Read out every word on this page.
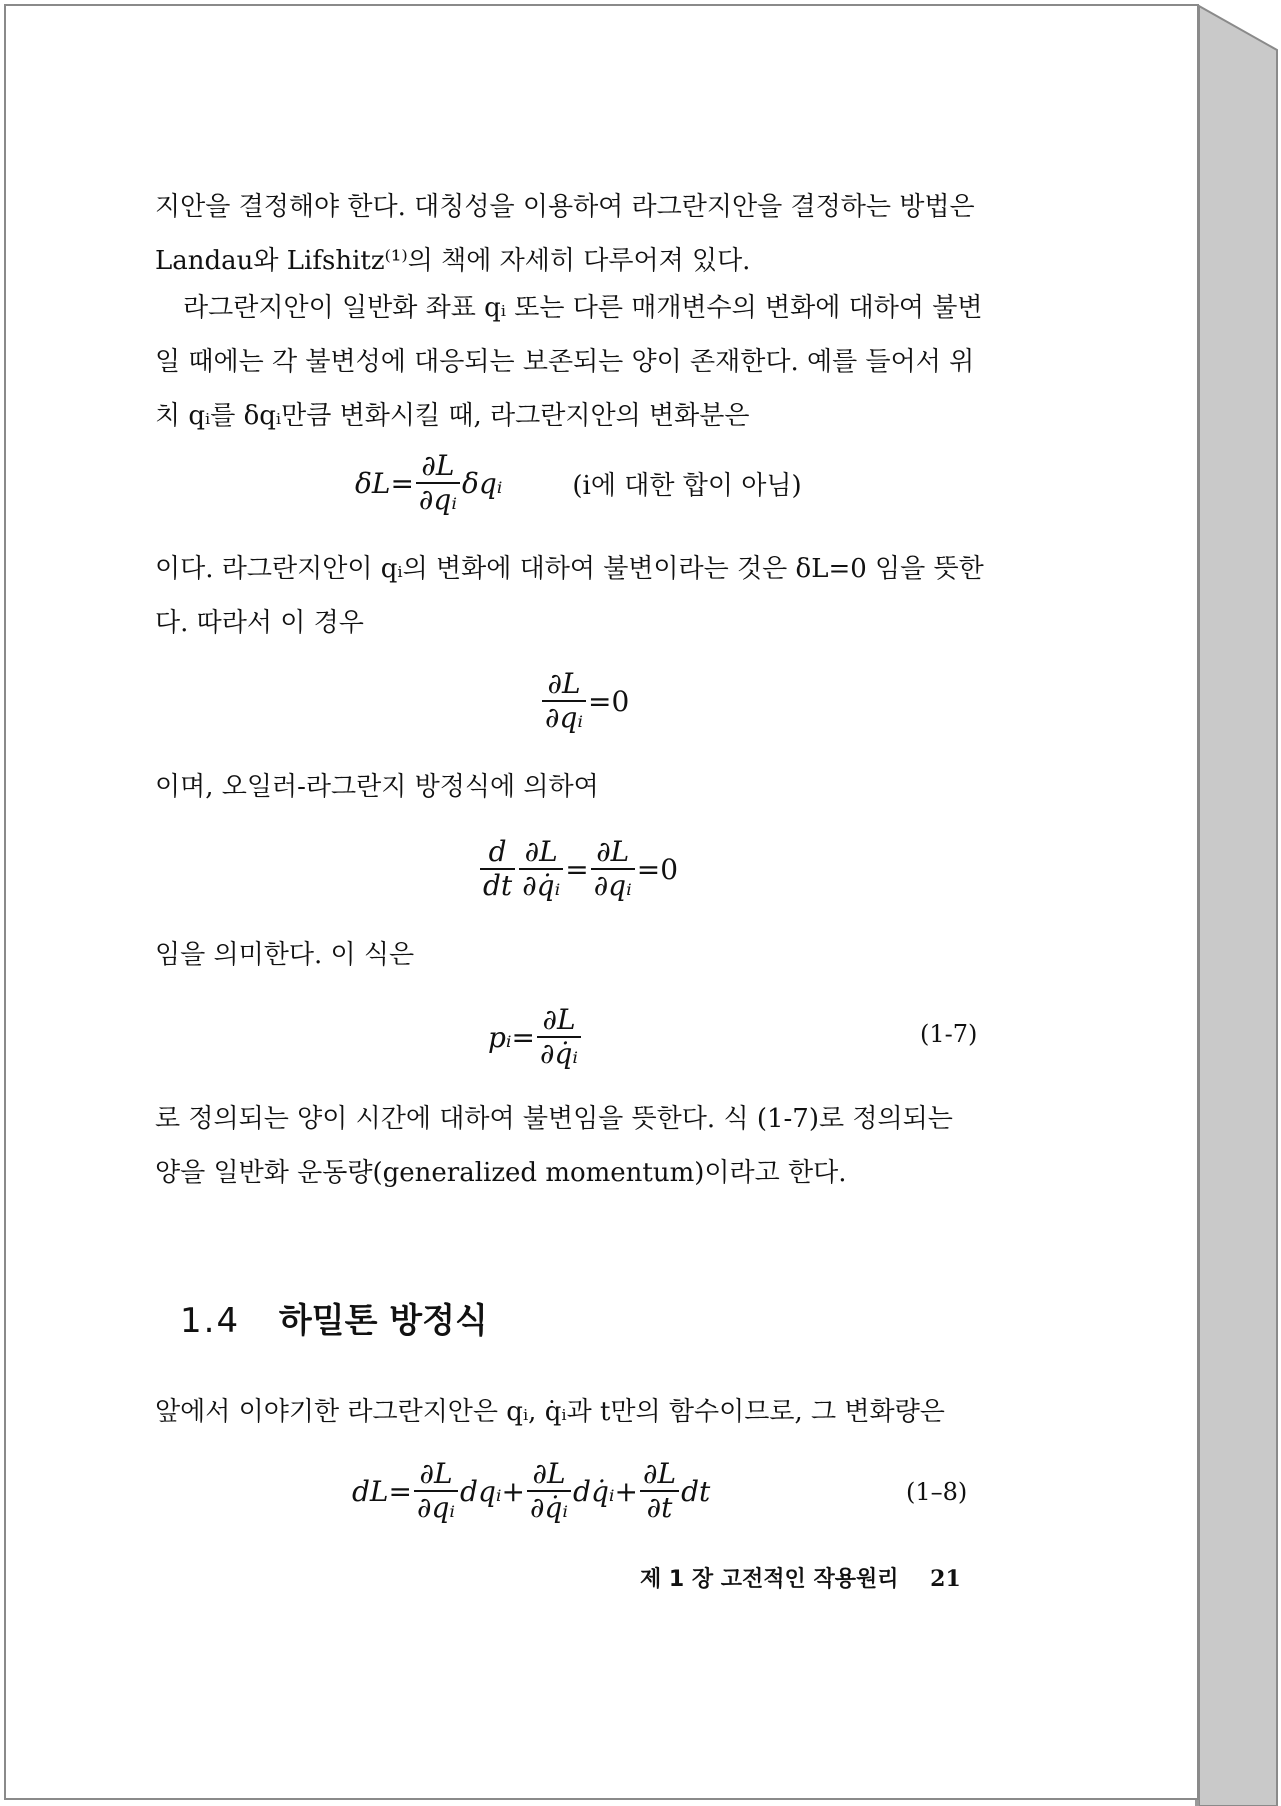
지안을 결정해야 한다. 대칭성을 이용하여 라그란지안을 결정하는 방법은
Landau와 Lifshitz⁽¹⁾의 책에 자세히 다루어져 있다.
라그란지안이 일반화 좌표 qᵢ 또는 다른 매개변수의 변화에 대하여 불변
일 때에는 각 불변성에 대응되는 보존되는 양이 존재한다. 예를 들어서 위
치 qᵢ를 δqᵢ만큼 변화시킬 때, 라그란지안의 변화분은
$\delta L= \frac{\partial L}{\text{∂qᵢ}}$ δqᵢ	(i에 대한 합이 아님)
이다. 라그란지안이 qᵢ의 변화에 대하여 불변이라는 것은 δL=0 임을 뜻한
다. 따라서 이 경우
$\frac{\partial L}{\text{∂qᵢ}} =0$
이며, 오일러-라그란지 방정식에 의하여
$\frac{d}{dt} \frac{\partial L}{\text{∂q̇ᵢ}} = \frac{\partial L}{\text{∂qᵢ}} =0$
임을 의미한다. 이 식은
pᵢ= $\frac{\partial L}{\text{∂q̇ᵢ}}$	(1-7)
로 정의되는 양이 시간에 대하여 불변임을 뜻한다. 식 (1-7)로 정의되는
양을 일반화 운동량(generalized momentum)이라고 한다.
1.4 하밀톤 방정식
앞에서 이야기한 라그란지안은 qᵢ, q̇ᵢ과 t만의 함수이므로, 그 변화량은
$dL= \frac{\partial L}{\text{∂qᵢ}}$ dqᵢ+ $\frac{\partial L}{\text{∂q̇ᵢ}}$ dq̇ᵢ+ $\frac{\partial L}{\partial t}$ dt	(1–8)
제 1 장 고전적인 작용원리 21
